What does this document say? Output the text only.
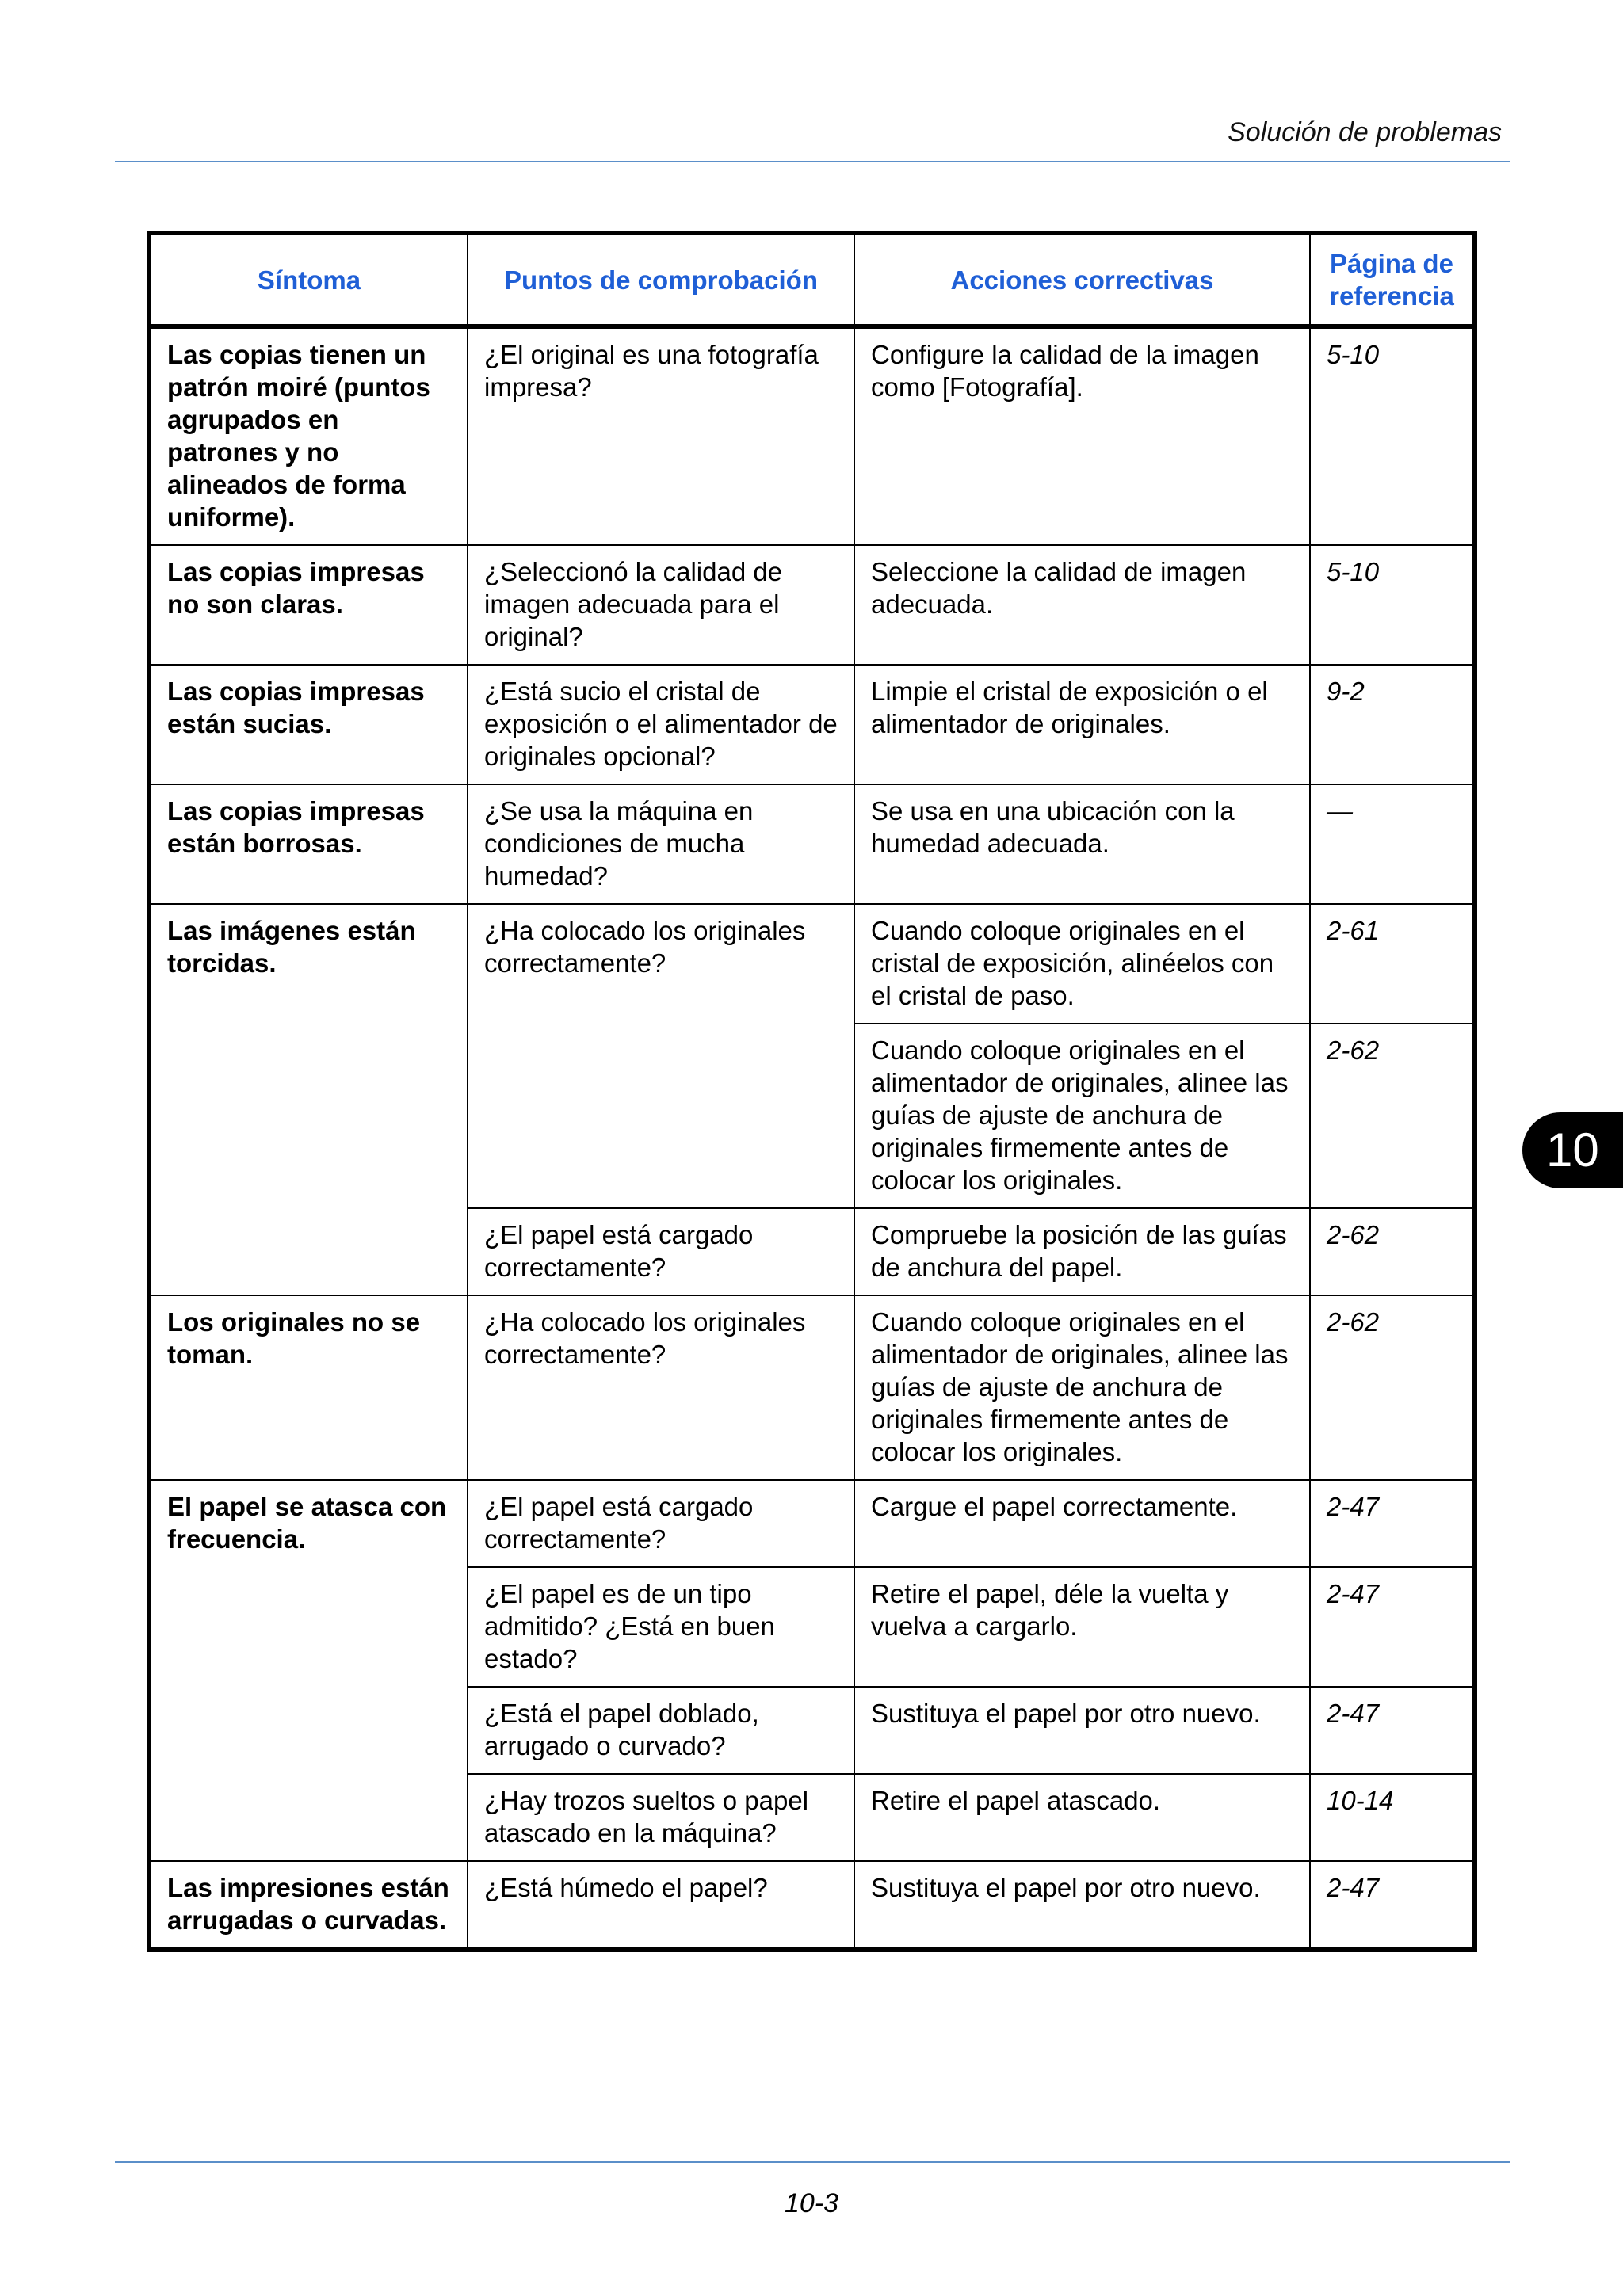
Solución de problemas
Síntoma	Puntos de comprobación	Acciones correctivas	Página de referencia
Las copias tienen un patrón moiré (puntos agrupados en patrones y no alineados de forma uniforme).	¿El original es una fotografía impresa?	Configure la calidad de la imagen como [Fotografía].	5-10
Las copias impresas no son claras.	¿Seleccionó la calidad de imagen adecuada para el original?	Seleccione la calidad de imagen adecuada.	5-10
Las copias impresas están sucias.	¿Está sucio el cristal de exposición o el alimentador de originales opcional?	Limpie el cristal de exposición o el alimentador de originales.	9-2
Las copias impresas están borrosas.	¿Se usa la máquina en condiciones de mucha humedad?	Se usa en una ubicación con la humedad adecuada.	—
Las imágenes están torcidas.	¿Ha colocado los originales correctamente?	Cuando coloque originales en el cristal de exposición, alinéelos con el cristal de paso.	2-61
		Cuando coloque originales en el alimentador de originales, alinee las guías de ajuste de anchura de originales firmemente antes de colocar los originales.	2-62
	¿El papel está cargado correctamente?	Compruebe la posición de las guías de anchura del papel.	2-62
Los originales no se toman.	¿Ha colocado los originales correctamente?	Cuando coloque originales en el alimentador de originales, alinee las guías de ajuste de anchura de originales firmemente antes de colocar los originales.	2-62
El papel se atasca con frecuencia.	¿El papel está cargado correctamente?	Cargue el papel correctamente.	2-47
	¿El papel es de un tipo admitido? ¿Está en buen estado?	Retire el papel, déle la vuelta y vuelva a cargarlo.	2-47
	¿Está el papel doblado, arrugado o curvado?	Sustituya el papel por otro nuevo.	2-47
	¿Hay trozos sueltos o papel atascado en la máquina?	Retire el papel atascado.	10-14
Las impresiones están arrugadas o curvadas.	¿Está húmedo el papel?	Sustituya el papel por otro nuevo.	2-47
10
10-3
